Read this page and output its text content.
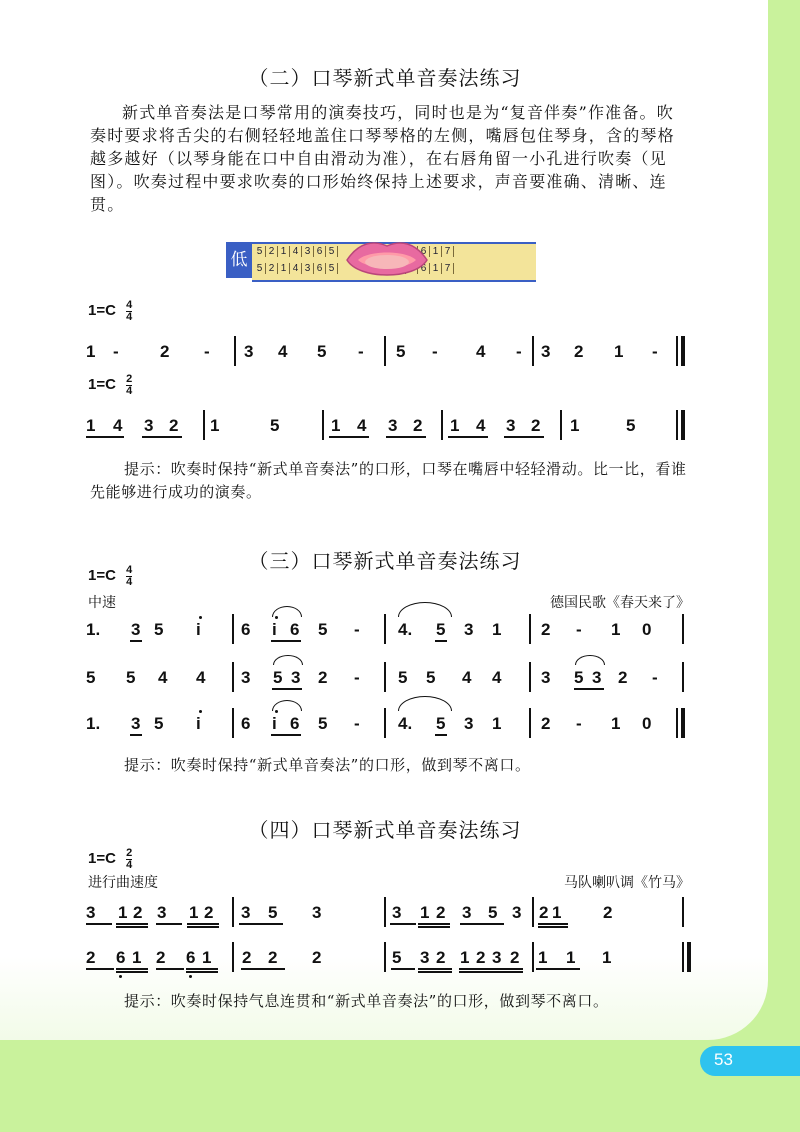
（二）口琴新式单音奏法练习
新式单音奏法是口琴常用的演奏技巧，同时也是为“复音伴奏”作准备。吹奏时要求将舌尖的右侧轻轻地盖住口琴琴格的左侧，嘴唇包住琴身，含的琴格越多越好（以琴身能在口中自由滑动为准），在右唇角留一小孔进行吹奏（见图）。吹奏过程中要求吹奏的口形始终保持上述要求，声音要准确、清晰、连贯。
低 5 2 1 4 3 6 5	6 1 7
5 2 1 4 3 6 5	6 1 7
$1=C \frac{4}{4}$
1 - 2 - 3 4 5 - 5 - 4 - 3 2 1 -
$1=C \frac{2}{4}$
1 4 3 2 1	5	1 4 3 2 1 4 3 2 1	5
提示：吹奏时保持“新式单音奏法”的口形，口琴在嘴唇中轻轻滑动。比一比，看谁先能够进行成功的演奏。
（三）口琴新式单音奏法练习
$1=C \frac{4}{4}$
中速	德国民歌《春天来了》
1. 3 5 i 6 i 6 5 - 4. 5 3 1 2 - 1 0
5 5 4 4 3 5 3 2 - 5 5 4 4 3 5 3 2 -
1. 3 5 i 6 i 6 5 - 4. 5 3 1 2 - 1 0
提示：吹奏时保持“新式单音奏法”的口形，做到琴不离口。
（四）口琴新式单音奏法练习
$1=C \frac{2}{4}$
进行曲速度	马队喇叭调《竹马》
3 1 2 3 1 2 3 5 3	3 1 2 3 5 3 2 1 2
2 6 1 2 6 1 2 2 2	5 3 2 1 2 3 2 1 1 1
提示：吹奏时保持气息连贯和“新式单音奏法”的口形，做到琴不离口。
53
